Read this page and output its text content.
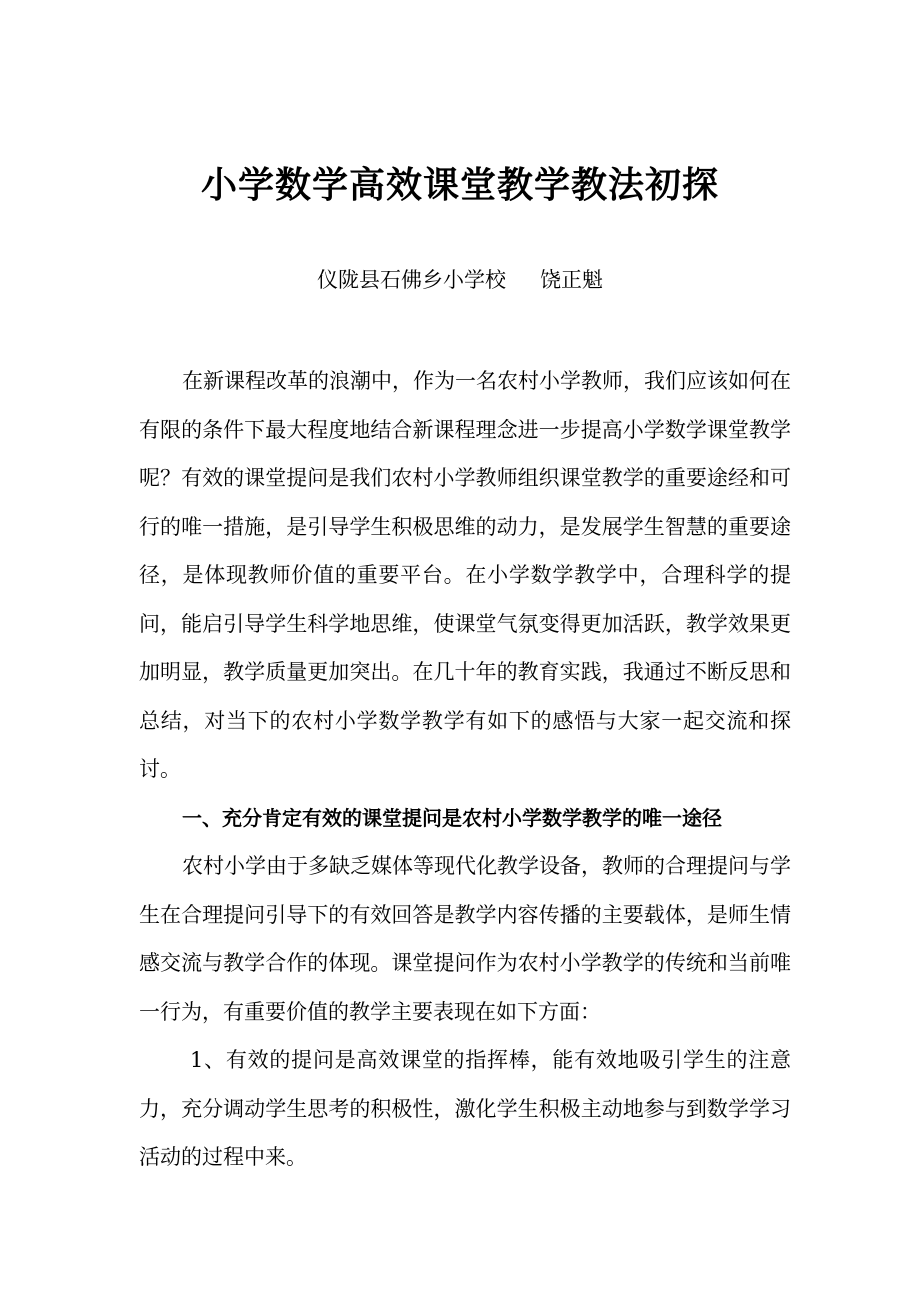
小学数学高效课堂教学教法初探
仪陇县石佛乡小学校 饶正魁

在新课程改革的浪潮中，作为一名农村小学教师，我们应该如何在有限的条件下最大程度地结合新课程理念进一步提高小学数学课堂教学呢？有效的课堂提问是我们农村小学教师组织课堂教学的重要途经和可行的唯一措施，是引导学生积极思维的动力，是发展学生智慧的重要途径，是体现教师价值的重要平台。在小学数学教学中，合理科学的提问，能启引导学生科学地思维，使课堂气氛变得更加活跃，教学效果更加明显，教学质量更加突出。在几十年的教育实践，我通过不断反思和总结，对当下的农村小学数学教学有如下的感悟与大家一起交流和探讨。

一、充分肯定有效的课堂提问是农村小学数学教学的唯一途径

农村小学由于多缺乏媒体等现代化教学设备，教师的合理提问与学生在合理提问引导下的有效回答是教学内容传播的主要载体，是师生情感交流与教学合作的体现。课堂提问作为农村小学教学的传统和当前唯一行为，有重要价值的教学主要表现在如下方面：

1、有效的提问是高效课堂的指挥棒，能有效地吸引学生的注意力，充分调动学生思考的积极性，激化学生积极主动地参与到数学学习活动的过程中来。
